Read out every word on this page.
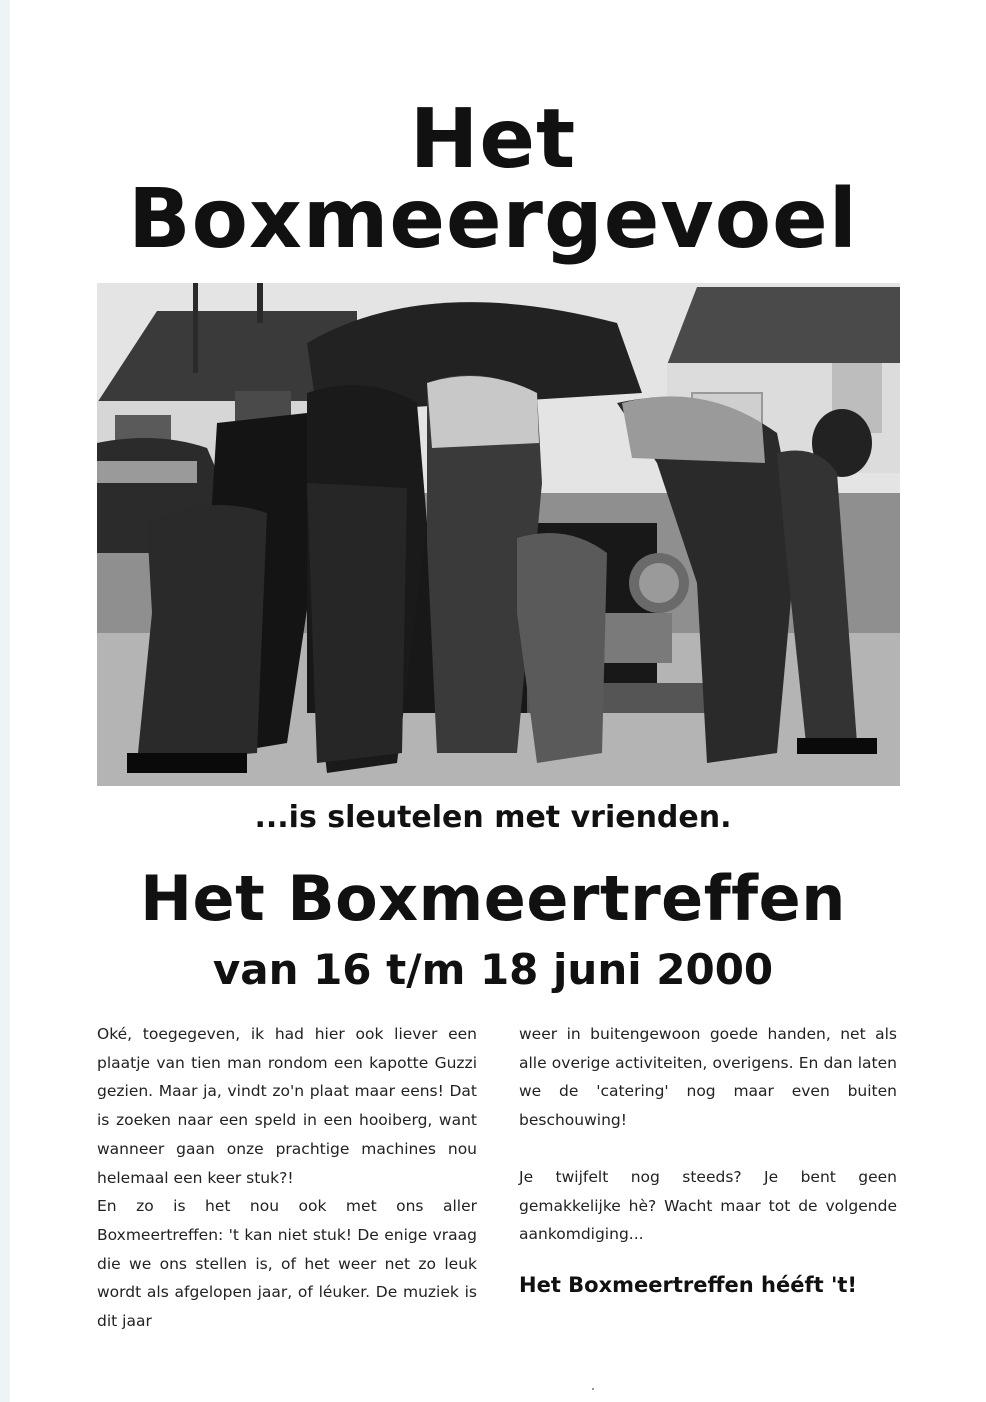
Het
Boxmeergevoel

...is sleutelen met vrienden.

Het Boxmeertreffen
van 16 t/m 18 juni 2000

Oké, toegegeven, ik had hier ook liever een plaatje van tien man rondom een kapotte Guzzi gezien. Maar ja, vindt zo'n plaat maar eens! Dat is zoeken naar een speld in een hooiberg, want wanneer gaan onze prachtige machines nou helemaal een keer stuk?!

En zo is het nou ook met ons aller Boxmeertreffen: 't kan niet stuk! De enige vraag die we ons stellen is, of het weer net zo leuk wordt als afgelopen jaar, of léuker. De muziek is dit jaar

weer in buitengewoon goede handen, net als alle overige activiteiten, overigens. En dan laten we de 'catering' nog maar even buiten beschouwing!

Je twijfelt nog steeds? Je bent geen gemakkelijke hè? Wacht maar tot de volgende aankomdiging...

Het Boxmeertreffen hééft 't!
